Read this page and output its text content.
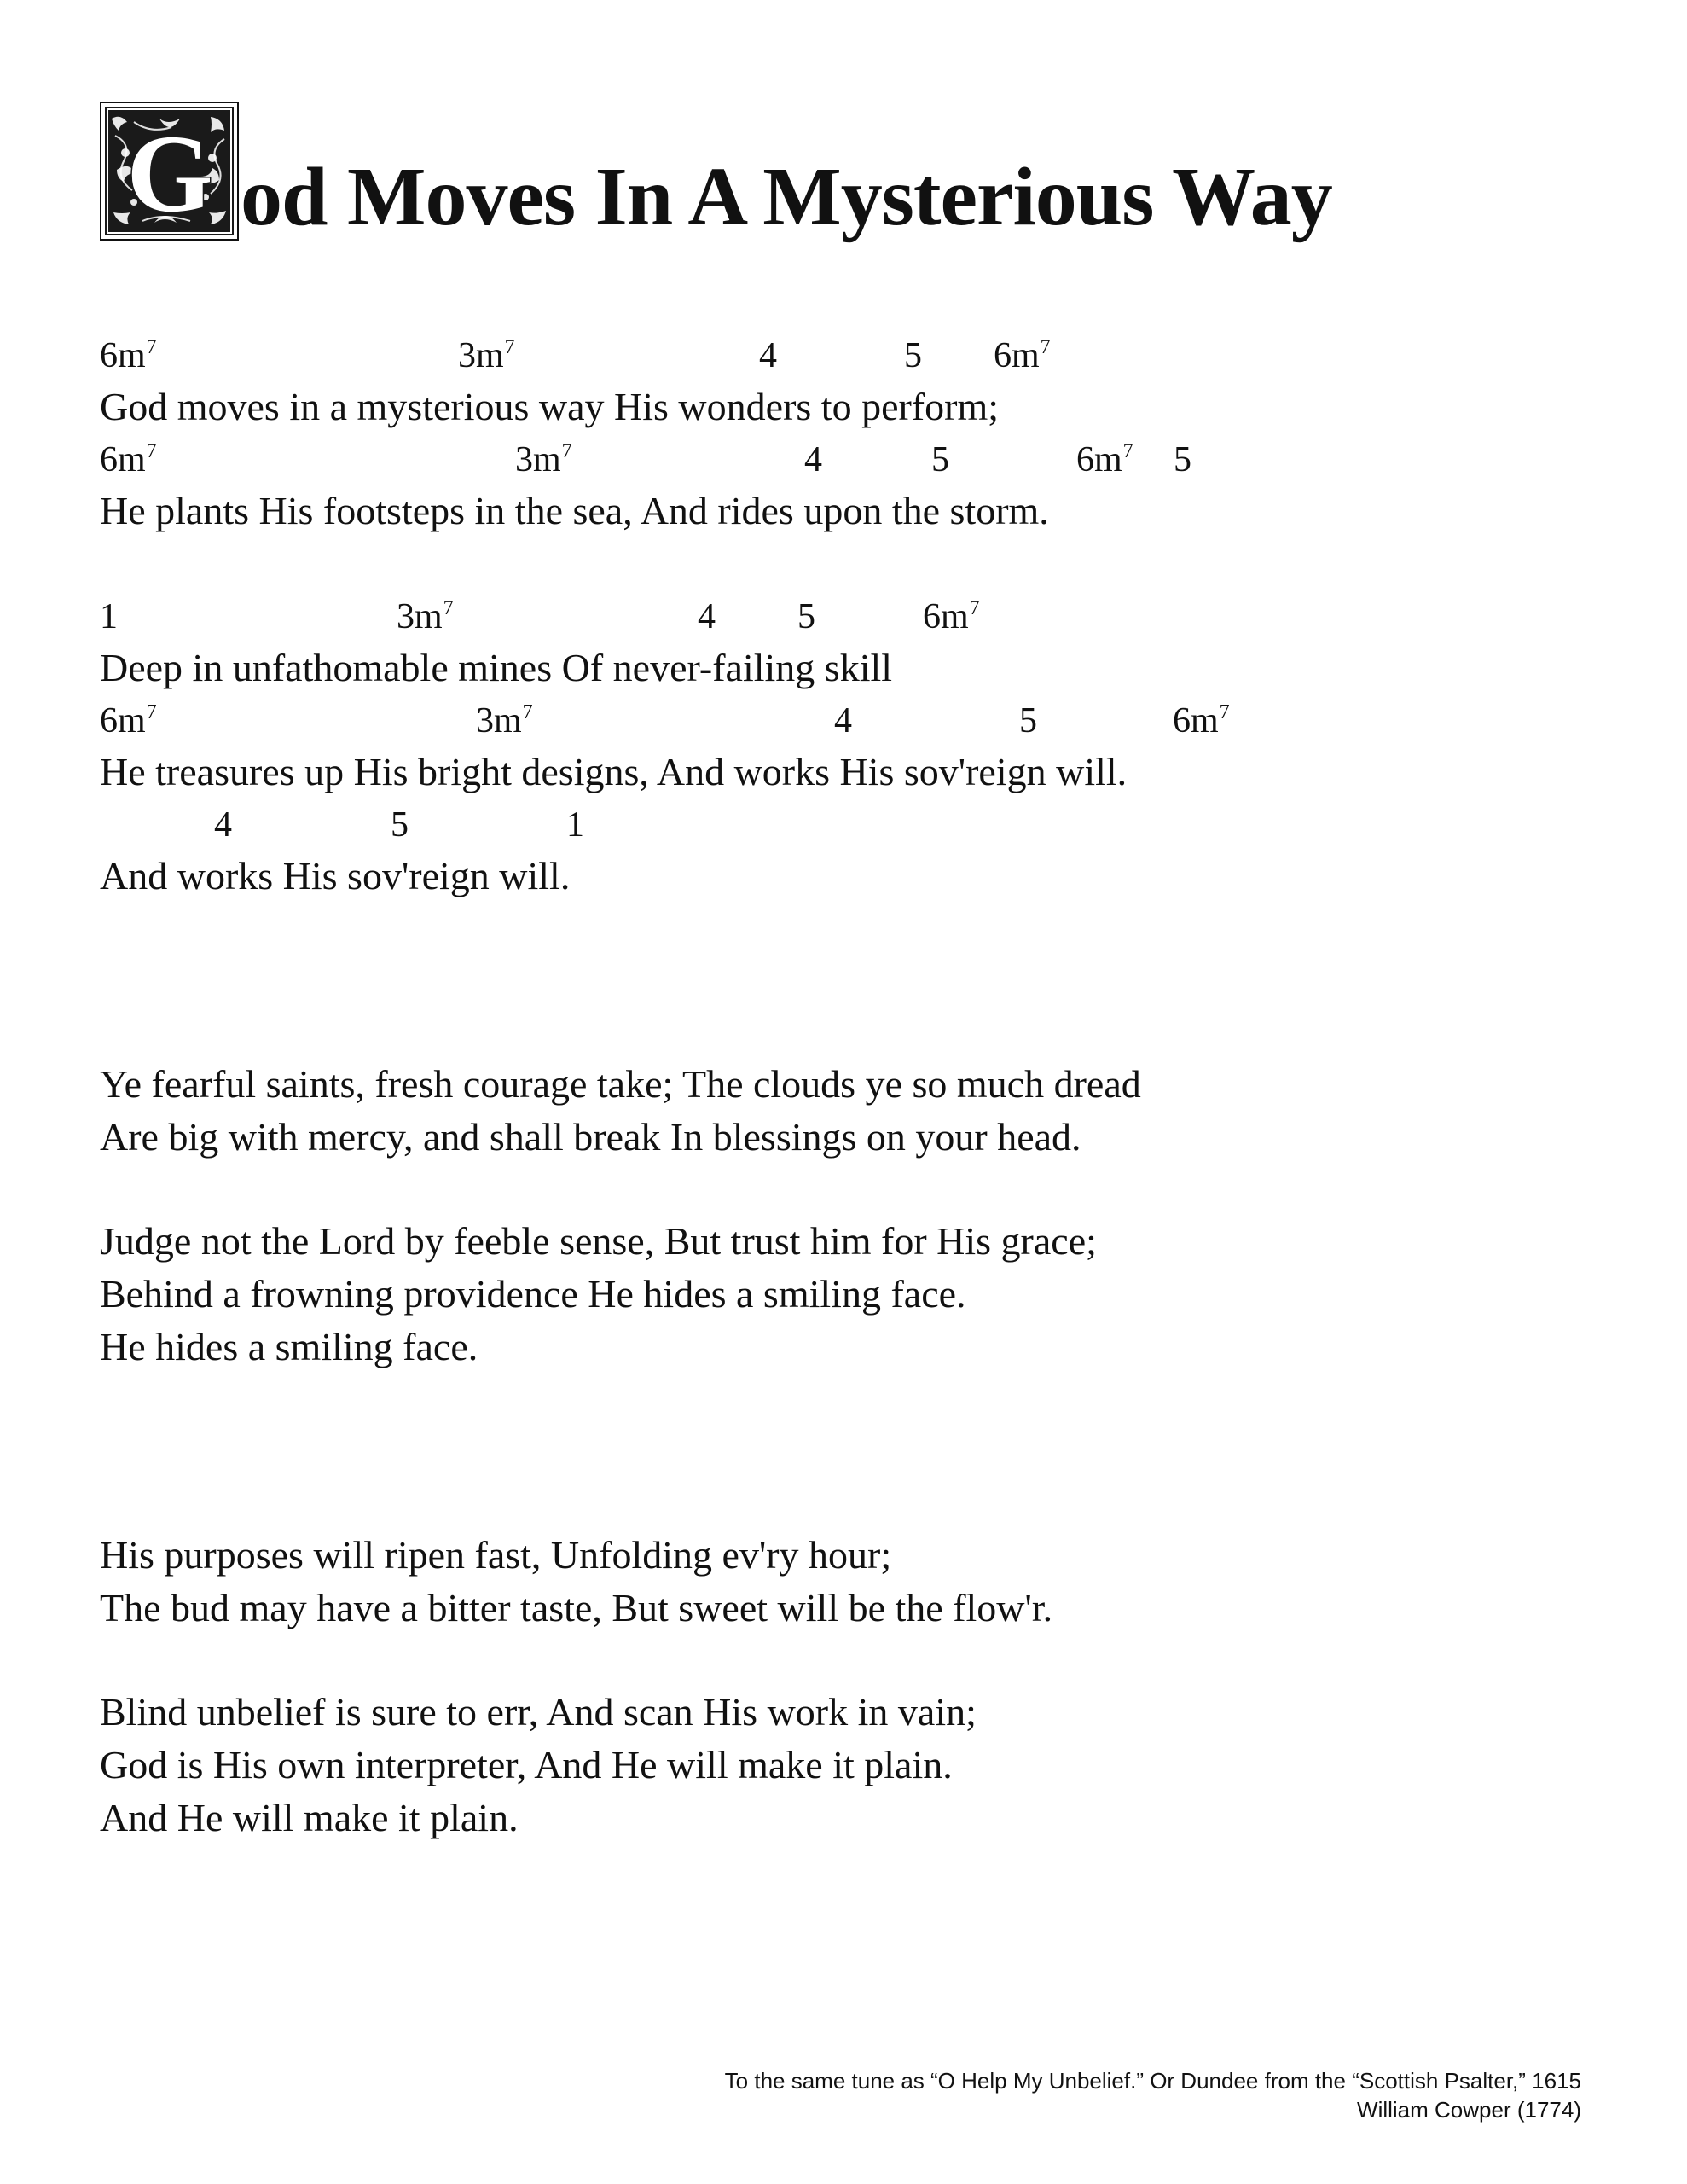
G od Moves In A Mysterious Way
$6m^7$	$3m^7$	4	5 $6m^7$
God moves in a mysterious way His wonders to perform;
$6m^7$	$3m^7$	4	5	$6m^7$ 5
He plants His footsteps in the sea, And rides upon the storm.
1	$3m^7$	4 5	$6m^7$
Deep in unfathomable mines Of never-failing skill
$6m^7$	$3m^7$	4	5	$6m^7$
He treasures up His bright designs, And works His sov'reign will.
4	5	1
And works His sov'reign will.
Ye fearful saints, fresh courage take; The clouds ye so much dread
Are big with mercy, and shall break In blessings on your head.
Judge not the Lord by feeble sense, But trust him for His grace;
Behind a frowning providence He hides a smiling face.
He hides a smiling face.
His purposes will ripen fast, Unfolding ev'ry hour;
The bud may have a bitter taste, But sweet will be the flow'r.
Blind unbelief is sure to err, And scan His work in vain;
God is His own interpreter, And He will make it plain.
And He will make it plain.
To the same tune as “O Help My Unbelief.” Or Dundee from the “Scottish Psalter,” 1615
William Cowper (1774)
